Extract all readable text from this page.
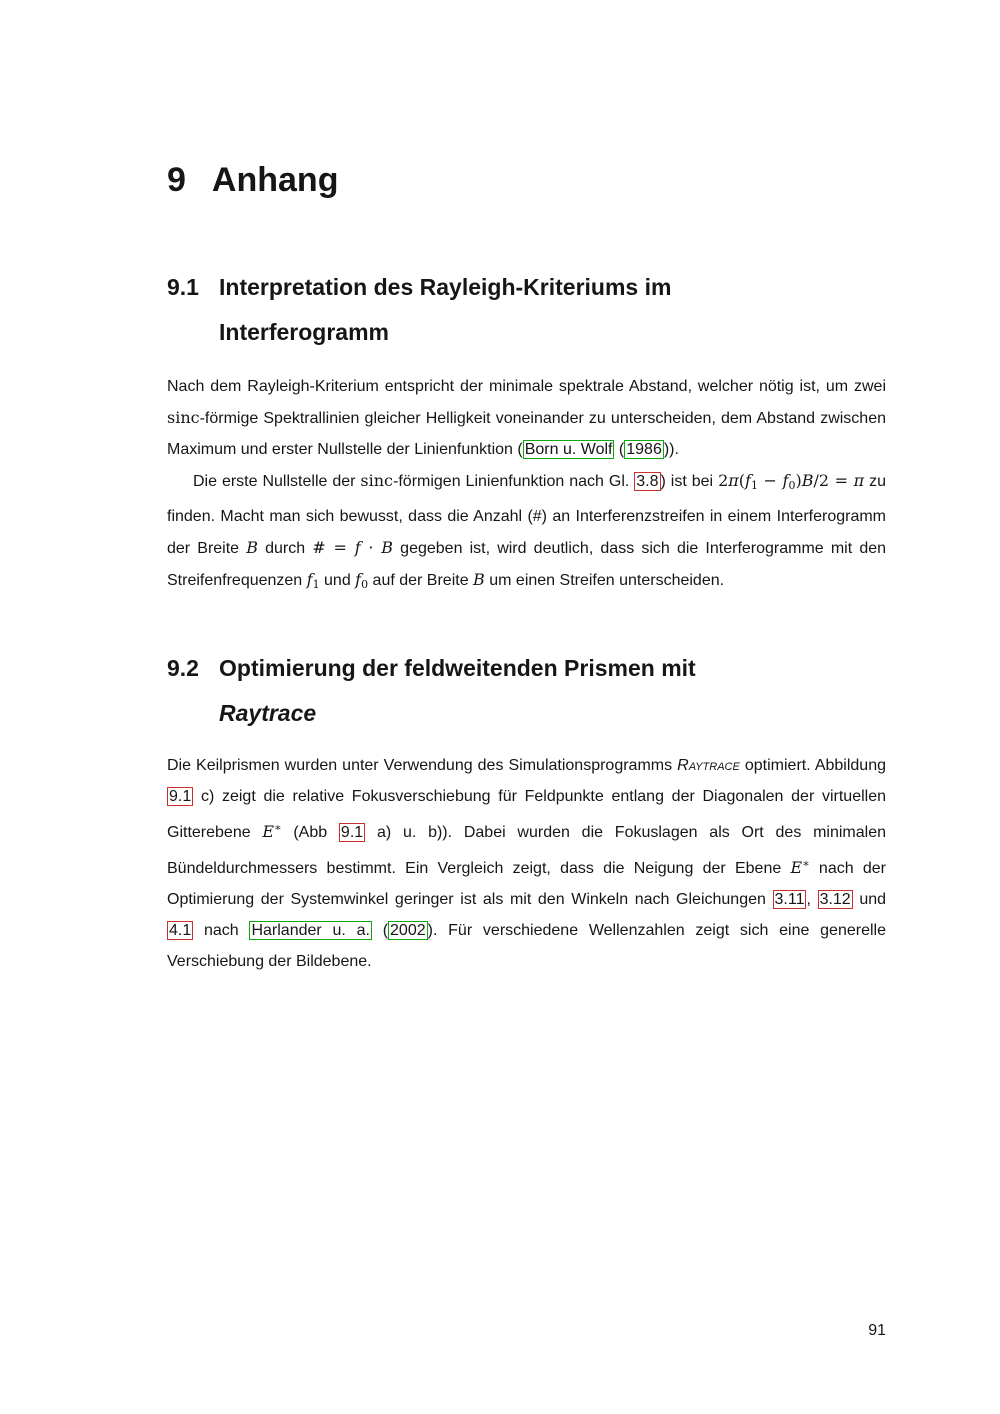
9 Anhang
9.1 Interpretation des Rayleigh-Kriteriums im
Interferogramm

Nach dem Rayleigh-Kriterium entspricht der minimale spektrale Abstand, welcher nötig ist, um zwei sinc-förmige Spektrallinien gleicher Helligkeit voneinander zu unterscheiden, dem Abstand zwischen Maximum und erster Nullstelle der Linienfunktion ( Born u. Wolf ( 1986 )).

Die erste Nullstelle der sinc-förmigen Linienfunktion nach Gl. 3.8 ) ist bei $2\pi(f_1 - f_0)B/2 = \pi$ zu finden. Macht man sich bewusst, dass die Anzahl (#) an Interferenzstreifen in einem Interferogramm der Breite B durch # = f · B gegeben ist, wird deutlich, dass sich die Interferogramme mit den Streifenfrequenzen $f_1$ und $f_0$ auf der Breite B um einen Streifen unterscheiden.

9.2 Optimierung der feldweitenden Prismen mit
Raytrace

Die Keilprismen wurden unter Verwendung des Simulationsprogramms Raytrace optimiert. Abbildung 9.1 c) zeigt die relative Fokusverschiebung für Feldpunkte entlang der Diagonalen der virtuellen Gitterebene E∗ (Abb 9.1 a) u. b)). Dabei wurden die Fokuslagen als Ort des minimalen Bündeldurchmessers bestimmt. Ein Vergleich zeigt, dass die Neigung der Ebene E∗ nach der Optimierung der Systemwinkel geringer ist als mit den Winkeln nach Gleichungen 3.11 , 3.12 und 4.1 nach Harlander u. a. ( 2002 ). Für verschiedene Wellenzahlen zeigt sich eine generelle Verschiebung der Bildebene.

91
